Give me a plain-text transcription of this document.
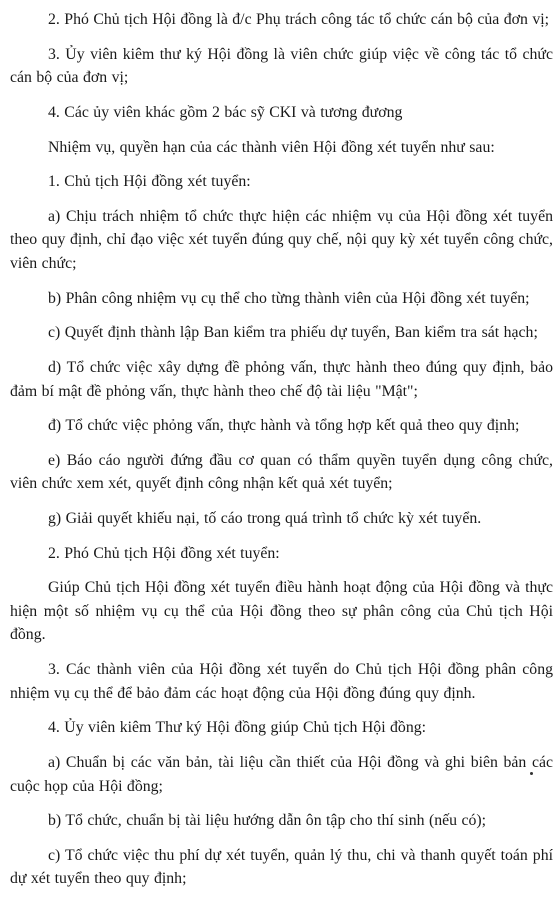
2. Phó Chủ tịch Hội đồng là đ/c Phụ trách công tác tổ chức cán bộ của đơn vị;

3. Ủy viên kiêm thư ký Hội đồng là viên chức giúp việc về công tác tổ chức cán bộ của đơn vị;

4. Các ủy viên khác gồm 2 bác sỹ CKI và tương đương

Nhiệm vụ, quyền hạn của các thành viên Hội đồng xét tuyển như sau:

1. Chủ tịch Hội đồng xét tuyển:

a) Chịu trách nhiệm tổ chức thực hiện các nhiệm vụ của Hội đồng xét tuyển theo quy định, chỉ đạo việc xét tuyển đúng quy chế, nội quy kỳ xét tuyển công chức, viên chức;

b) Phân công nhiệm vụ cụ thể cho từng thành viên của Hội đồng xét tuyển;

c) Quyết định thành lập Ban kiểm tra phiếu dự tuyển, Ban kiểm tra sát hạch;

d) Tổ chức việc xây dựng đề phỏng vấn, thực hành theo đúng quy định, bảo đảm bí mật đề phỏng vấn, thực hành theo chế độ tài liệu "Mật";

đ) Tổ chức việc phỏng vấn, thực hành và tổng hợp kết quả theo quy định;

e) Báo cáo người đứng đầu cơ quan có thẩm quyền tuyển dụng công chức, viên chức xem xét, quyết định công nhận kết quả xét tuyển;

g) Giải quyết khiếu nại, tố cáo trong quá trình tổ chức kỳ xét tuyển.

2. Phó Chủ tịch Hội đồng xét tuyển:

Giúp Chủ tịch Hội đồng xét tuyển điều hành hoạt động của Hội đồng và thực hiện một số nhiệm vụ cụ thể của Hội đồng theo sự phân công của Chủ tịch Hội đồng.

3. Các thành viên của Hội đồng xét tuyển do Chủ tịch Hội đồng phân công nhiệm vụ cụ thể để bảo đảm các hoạt động của Hội đồng đúng quy định.

4. Ủy viên kiêm Thư ký Hội đồng giúp Chủ tịch Hội đồng:

a) Chuẩn bị các văn bản, tài liệu cần thiết của Hội đồng và ghi biên bản các cuộc họp của Hội đồng;

b) Tổ chức, chuẩn bị tài liệu hướng dẫn ôn tập cho thí sinh (nếu có);

c) Tổ chức việc thu phí dự xét tuyển, quản lý thu, chi và thanh quyết toán phí dự xét tuyển theo quy định;
